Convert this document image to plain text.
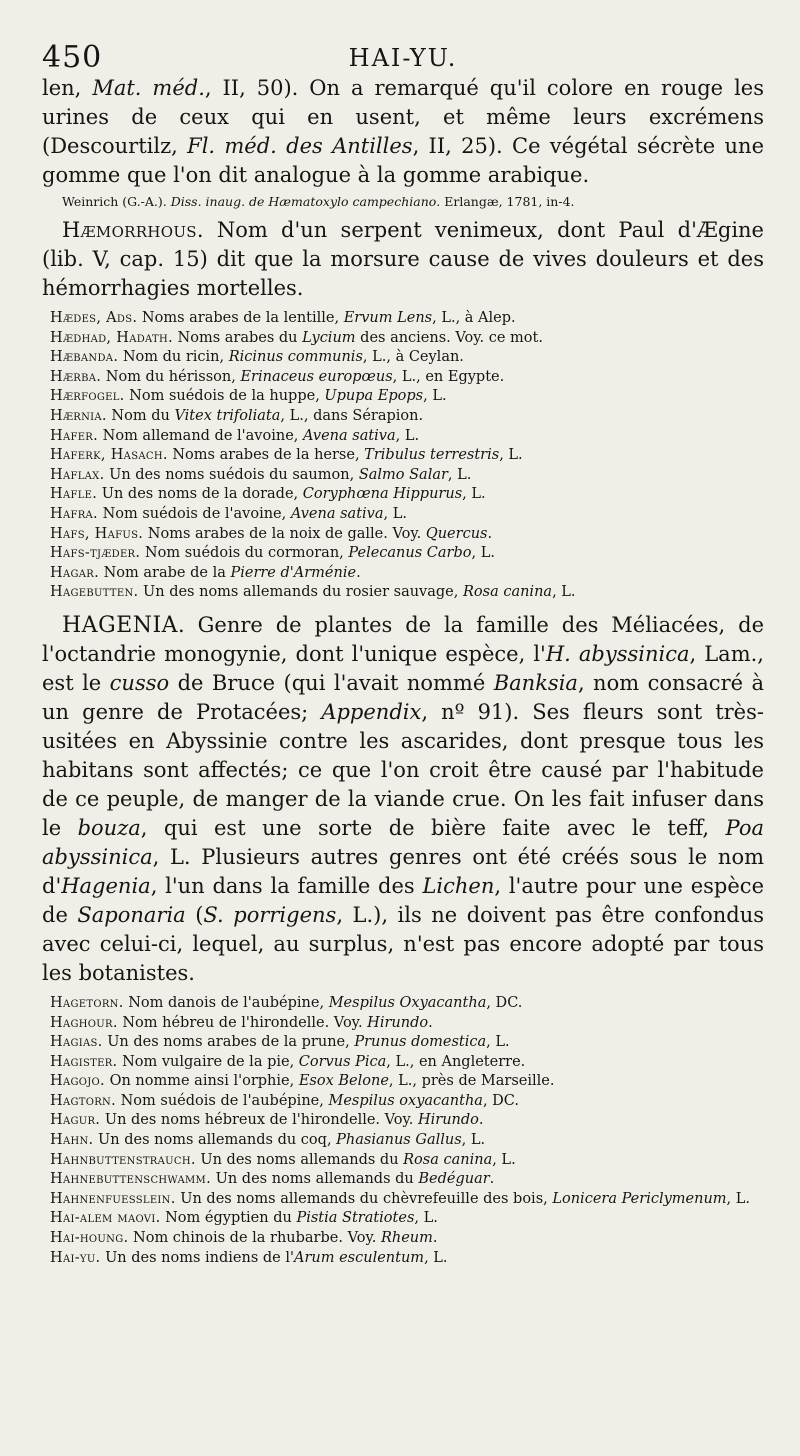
450	HAI-YU.

len, Mat. méd., II, 50). On a remarqué qu'il colore en rouge les urines de ceux qui en usent, et même leurs excrémens (Descourtilz, Fl. méd. des Antilles, II, 25). Ce végétal sécrète une gomme que l'on dit analogue à la gomme arabique.

Weinrich (G.-A.). Diss. inaug. de Hæmatoxylo campechiano. Erlangæ, 1781, in-4.

Hæmorrhous. Nom d'un serpent venimeux, dont Paul d'Ægine (lib. V, cap. 15) dit que la morsure cause de vives douleurs et des hémorrhagies mortelles.

Hædes, Ads. Noms arabes de la lentille, Ervum Lens, L., à Alep.

Hædhad, Hadath. Noms arabes du Lycium des anciens. Voy. ce mot.

Hæbanda. Nom du ricin, Ricinus communis, L., à Ceylan.

Hærba. Nom du hérisson, Erinaceus europœus, L., en Egypte.

Hærfogel. Nom suédois de la huppe, Upupa Epops, L.

Hærnia. Nom du Vitex trifoliata, L., dans Sérapion.

Hafer. Nom allemand de l'avoine, Avena sativa, L.

Haferk, Hasach. Noms arabes de la herse, Tribulus terrestris, L.

Haflax. Un des noms suédois du saumon, Salmo Salar, L.

Hafle. Un des noms de la dorade, Coryphœna Hippurus, L.

Hafra. Nom suédois de l'avoine, Avena sativa, L.

Hafs, Hafus. Noms arabes de la noix de galle. Voy. Quercus.

Hafs-tjæder. Nom suédois du cormoran, Pelecanus Carbo, L.

Hagar. Nom arabe de la Pierre d'Arménie.

Hagebutten. Un des noms allemands du rosier sauvage, Rosa canina, L.

HAGENIA. Genre de plantes de la famille des Méliacées, de l'octandrie monogynie, dont l'unique espèce, l'H. abyssinica, Lam., est le cusso de Bruce (qui l'avait nommé Banksia, nom consacré à un genre de Protacées; Appendix, nº 91). Ses fleurs sont très-usitées en Abyssinie contre les ascarides, dont presque tous les habitans sont affectés; ce que l'on croit être causé par l'habitude de ce peuple, de manger de la viande crue. On les fait infuser dans le bouza, qui est une sorte de bière faite avec le teff, Poa abyssinica, L. Plusieurs autres genres ont été créés sous le nom d'Hagenia, l'un dans la famille des Lichen, l'autre pour une espèce de Saponaria (S. porrigens, L.), ils ne doivent pas être confondus avec celui-ci, lequel, au surplus, n'est pas encore adopté par tous les botanistes.

Hagetorn. Nom danois de l'aubépine, Mespilus Oxyacantha, DC.

Haghour. Nom hébreu de l'hirondelle. Voy. Hirundo.

Hagias. Un des noms arabes de la prune, Prunus domestica, L.

Hagister. Nom vulgaire de la pie, Corvus Pica, L., en Angleterre.

Hagojo. On nomme ainsi l'orphie, Esox Belone, L., près de Marseille.

Hagtorn. Nom suédois de l'aubépine, Mespilus oxyacantha, DC.

Hagur. Un des noms hébreux de l'hirondelle. Voy. Hirundo.

Hahn. Un des noms allemands du coq, Phasianus Gallus, L.

Hahnbuttenstrauch. Un des noms allemands du Rosa canina, L.

Hahnebuttenschwamm. Un des noms allemands du Bedéguar.

Hahnenfuesslein. Un des noms allemands du chèvrefeuille des bois, Lonicera Periclymenum, L.

Hai-alem maovi. Nom égyptien du Pistia Stratiotes, L.

Hai-houng. Nom chinois de la rhubarbe. Voy. Rheum.

Hai-yu. Un des noms indiens de l'Arum esculentum, L.
